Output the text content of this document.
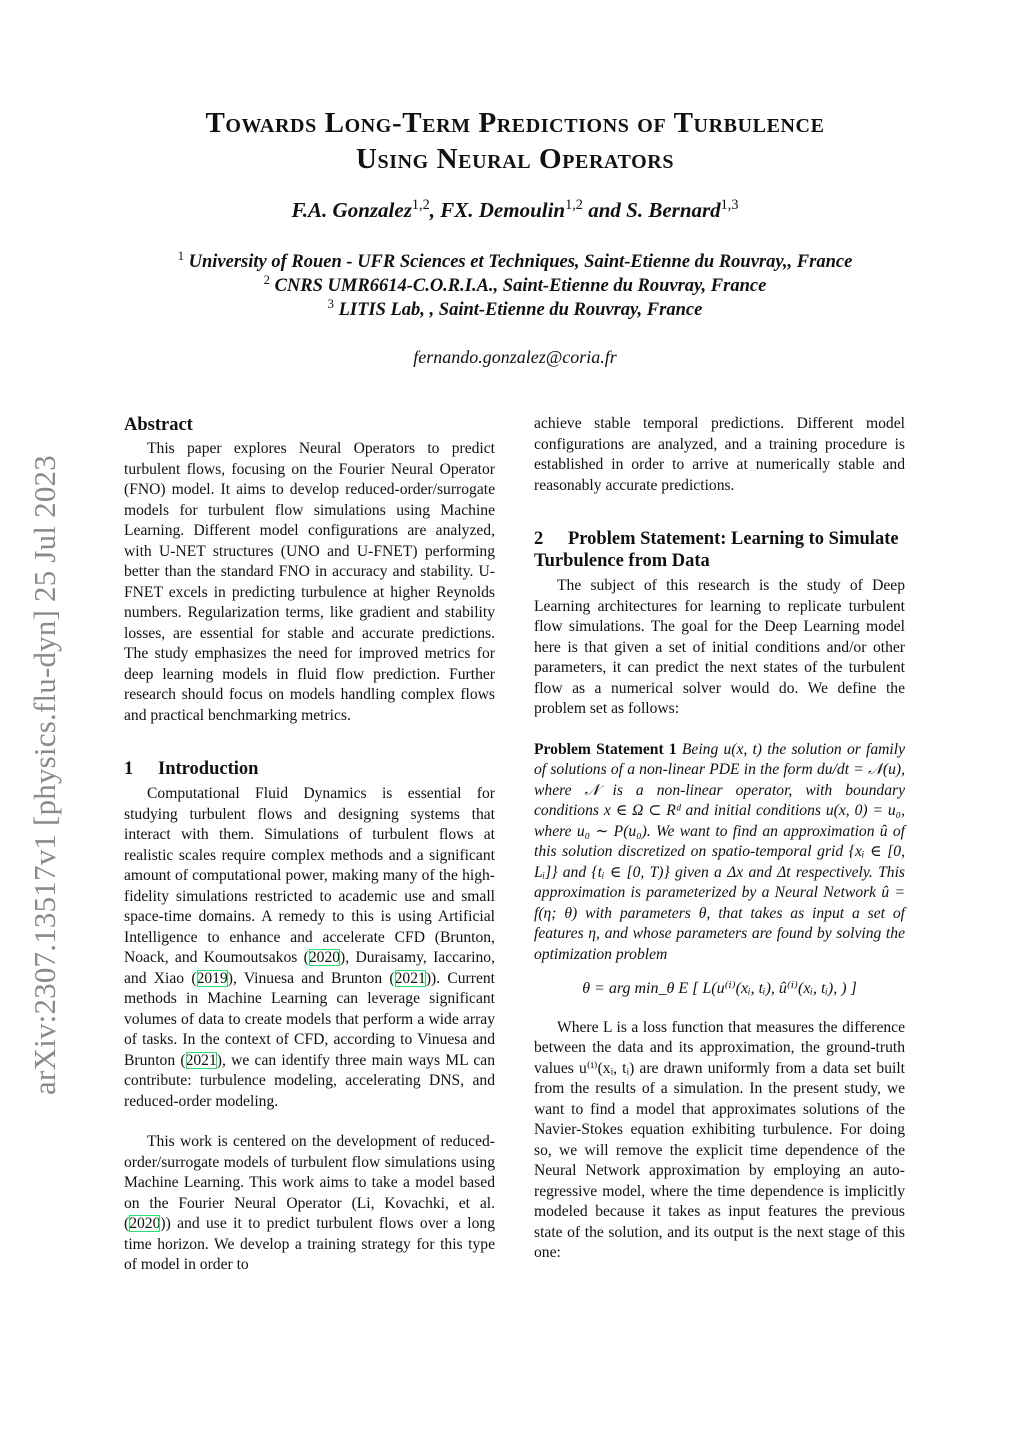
arXiv:2307.13517v1 [physics.flu-dyn] 25 Jul 2023
Towards Long-Term Predictions of Turbulence
Using Neural Operators
F.A. Gonzalez$^{1,2}$, FX. Demoulin$^{1,2}$ and S. Bernard$^{1,3}$
$^1$ University of Rouen - UFR Sciences et Techniques, Saint-Etienne du Rouvray,, France
$^2$ CNRS UMR6614-C.O.R.I.A., Saint-Etienne du Rouvray, France
$^3$ LITIS Lab, , Saint-Etienne du Rouvray, France
fernando.gonzalez@coria.fr
Abstract

This paper explores Neural Operators to predict turbulent flows, focusing on the Fourier Neural Operator (FNO) model. It aims to develop reduced-order/surrogate models for turbulent flow simulations using Machine Learning. Different model configurations are analyzed, with U-NET structures (UNO and U-FNET) performing better than the standard FNO in accuracy and stability. U-FNET excels in predicting turbulence at higher Reynolds numbers. Regularization terms, like gradient and stability losses, are essential for stable and accurate predictions. The study emphasizes the need for improved metrics for deep learning models in fluid flow prediction. Further research should focus on models handling complex flows and practical benchmarking metrics.

1 Introduction

Computational Fluid Dynamics is essential for studying turbulent flows and designing systems that interact with them. Simulations of turbulent flows at realistic scales require complex methods and a significant amount of computational power, making many of the high-fidelity simulations restricted to academic use and small space-time domains. A remedy to this is using Artificial Intelligence to enhance and accelerate CFD (Brunton, Noack, and Koumoutsakos (2020), Duraisamy, Iaccarino, and Xiao (2019), Vinuesa and Brunton (2021)). Current methods in Machine Learning can leverage significant volumes of data to create models that perform a wide array of tasks. In the context of CFD, according to Vinuesa and Brunton (2021), we can identify three main ways ML can contribute: turbulence modeling, accelerating DNS, and reduced-order modeling.

This work is centered on the development of reduced-order/surrogate models of turbulent flow simulations using Machine Learning. This work aims to take a model based on the Fourier Neural Operator (Li, Kovachki, et al. (2020)) and use it to predict turbulent flows over a long time horizon. We develop a training strategy for this type of model in order to

achieve stable temporal predictions. Different model configurations are analyzed, and a training procedure is established in order to arrive at numerically stable and reasonably accurate predictions.

2 Problem Statement: Learning to Simulate Turbulence from Data

The subject of this research is the study of Deep Learning architectures for learning to replicate turbulent flow simulations. The goal for the Deep Learning model here is that given a set of initial conditions and/or other parameters, it can predict the next states of the turbulent flow as a numerical solver would do. We define the problem set as follows:

Problem Statement 1 Being u(x, t) the solution or family of solutions of a non-linear PDE in the form du/dt = 𝒩(u), where 𝒩 is a non-linear operator, with boundary conditions x ∈ Ω ⊂ Rᵈ and initial conditions u(x, 0) = u₀, where u₀ ∼ P(u₀). We want to find an approximation û of this solution discretized on spatio-temporal grid {xᵢ ∈ [0, Lᵢ]} and {tᵢ ∈ [0, T)} given a Δx and Δt respectively. This approximation is parameterized by a Neural Network û = f(η; θ) with parameters θ, that takes as input a set of features η, and whose parameters are found by solving the optimization problem

θ = arg min_θ E [ L(u⁽ⁱ⁾(xᵢ, tᵢ), û⁽ⁱ⁾(xᵢ, tᵢ), ) ]

Where L is a loss function that measures the difference between the data and its approximation, the ground-truth values u⁽ⁱ⁾(xᵢ, tᵢ) are drawn uniformly from a data set built from the results of a simulation. In the present study, we want to find a model that approximates solutions of the Navier-Stokes equation exhibiting turbulence. For doing so, we will remove the explicit time dependence of the Neural Network approximation by employing an auto-regressive model, where the time dependence is implicitly modeled because it takes as input features the previous state of the solution, and its output is the next stage of this one:
